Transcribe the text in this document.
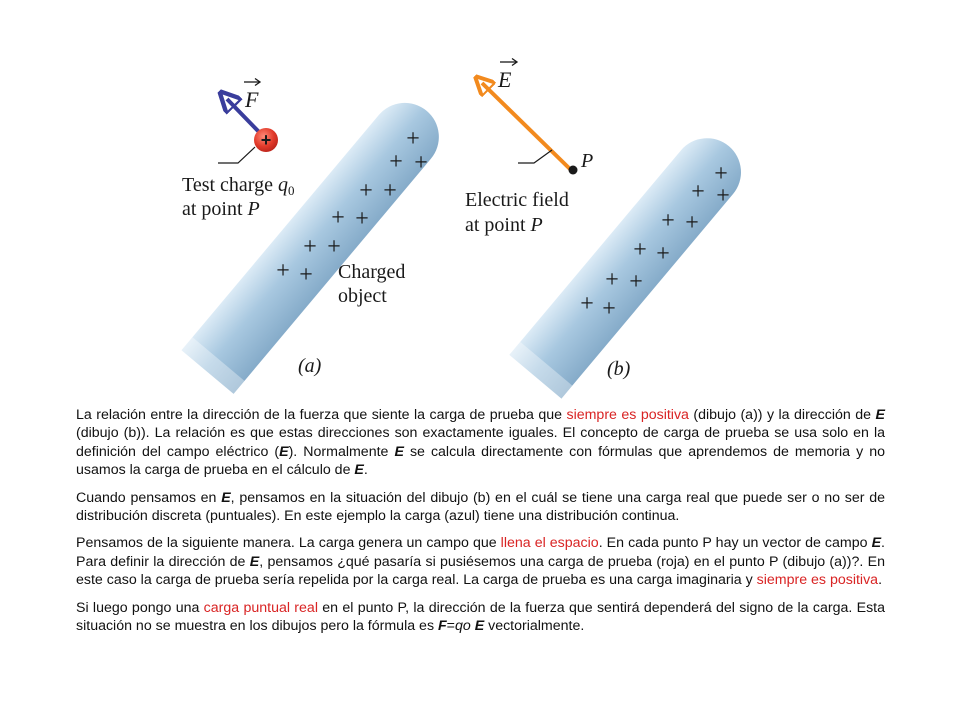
+
+ +
+ +
+ +
+ +
+ +
F
+
Test charge $q_0$
at point P
Charged
object
(a)
+
+ +
+ +
+ +
+ +
+ +
E
P
Electric field
at point P
(b)

La relación entre la dirección de la fuerza que siente la carga de prueba que siempre es positiva (dibujo (a)) y la dirección de E (dibujo (b)). La relación es que estas direcciones son exactamente iguales. El concepto de carga de prueba se usa solo en la definición del campo eléctrico (E). Normalmente E se calcula directamente con fórmulas que aprendemos de memoria y no usamos la carga de prueba en el cálculo de E.

Cuando pensamos en E, pensamos en la situación del dibujo (b) en el cuál se tiene una carga real que puede ser o no ser de distribución discreta (puntuales). En este ejemplo la carga (azul) tiene una distribución continua.

Pensamos de la siguiente manera. La carga genera un campo que llena el espacio. En cada punto P hay un vector de campo E. Para definir la dirección de E, pensamos ¿qué pasaría si pusiésemos una carga de prueba (roja) en el punto P (dibujo (a))?. En este caso la carga de prueba sería repelida por la carga real. La carga de prueba es una carga imaginaria y siempre es positiva.

Si luego pongo una carga puntual real en el punto P, la dirección de la fuerza que sentirá dependerá del signo de la carga. Esta situación no se muestra en los dibujos pero la fórmula es F=qo E vectorialmente.
